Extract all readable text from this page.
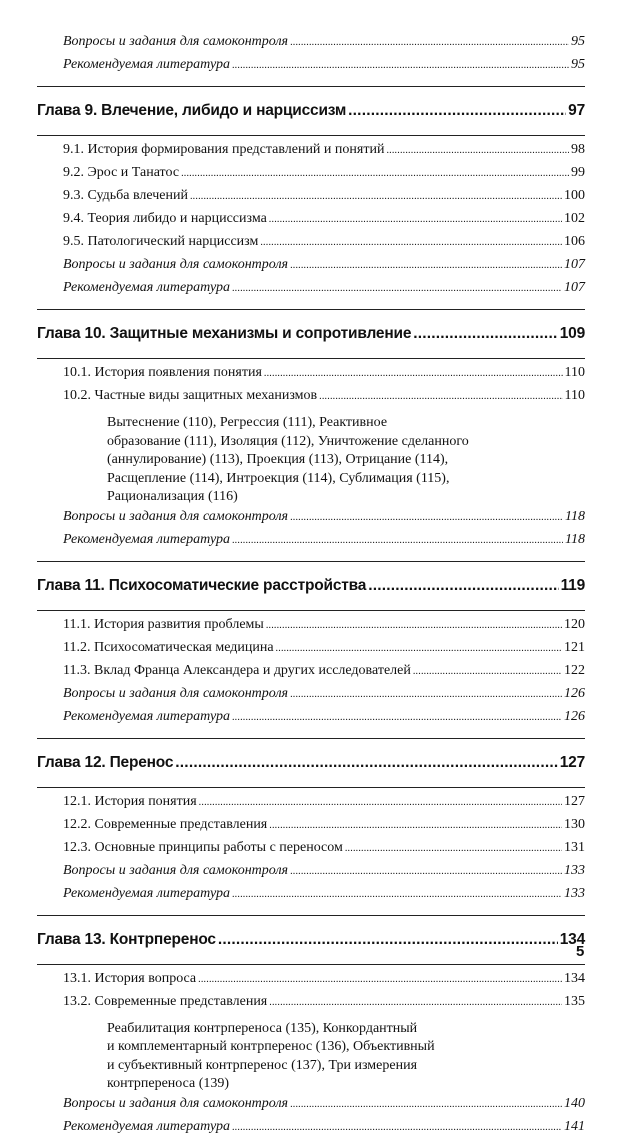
Вопросы и задания для самоконтроля .....	95
Рекомендуемая литература .....	95
Глава 9. Влечение, либидо и нарциссизм .....	97
9.1. История формирования представлений и понятий .....	98
9.2. Эрос и Танатос .....	99
9.3. Судьба влечений .....	100
9.4. Теория либидо и нарциссизма .....	102
9.5. Патологический нарциссизм .....	106
Вопросы и задания для самоконтроля .....	107
Рекомендуемая литература .....	107
Глава 10. Защитные механизмы и сопротивление .....	109
10.1. История появления понятия .....	110
10.2. Частные виды защитных механизмов .....	110
Вытеснение (110), Регрессия (111), Реактивное
образование (111), Изоляция (112), Уничтожение сделанного
(аннулирование) (113), Проекция (113), Отрицание (114),
Расщепление (114), Интроекция (114), Сублимация (115),
Рационализация (116)
Вопросы и задания для самоконтроля .....	118
Рекомендуемая литература .....	118
Глава 11. Психосоматические расстройства .....	119
11.1. История развития проблемы .....	120
11.2. Психосоматическая медицина .....	121
11.3. Вклад Франца Александера и других исследователей .....	122
Вопросы и задания для самоконтроля .....	126
Рекомендуемая литература .....	126
Глава 12. Перенос .....	127
12.1. История понятия .....	127
12.2. Современные представления .....	130
12.3. Основные принципы работы с переносом .....	131
Вопросы и задания для самоконтроля .....	133
Рекомендуемая литература .....	133
Глава 13. Контрперенос .....	134
13.1. История вопроса .....	134
13.2. Современные представления .....	135
Реабилитация контрпереноса (135), Конкордантный
и комплементарный контрперенос (136), Объективный
и субъективный контрперенос (137), Три измерения
контрпереноса (139)
Вопросы и задания для самоконтроля .....	140
Рекомендуемая литература .....	141
5
